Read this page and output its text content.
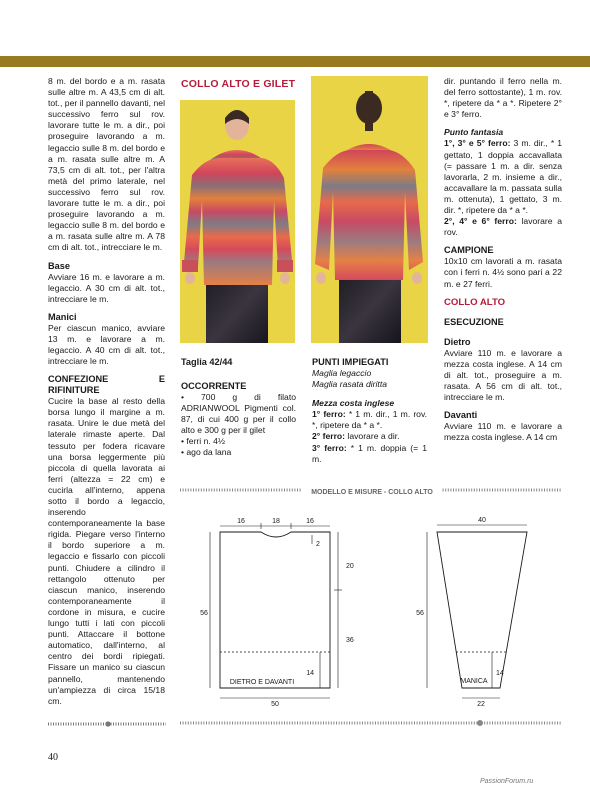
8 m. del bordo e a m. rasata sulle altre m. A 43,5 cm di alt. tot., per il pannello davanti, nel successivo ferro sul rov. lavorare tutte le m. a dir., poi proseguire lavorando a m. legaccio sulle 8 m. del bordo e a m. rasata sulle altre m. A 73,5 cm di alt. tot., per l'altra metà del primo laterale, nel successivo ferro sul rov. lavorare tutte le m. a dir., poi proseguire lavorando a m. legaccio sulle 8 m. del bordo e a m. rasata sulle altre m. A 78 cm di alt. tot., intrecciare le m.

Base

Avviare 16 m. e lavorare a m. legaccio. A 30 cm di alt. tot., intrecciare le m.

Manici

Per ciascun manico, avviare 13 m. e lavorare a m. legaccio. A 40 cm di alt. tot., intrecciare le m.

CONFEZIONE E RIFINITURE

Cucire la base al resto della borsa lungo il margine a m. rasata. Unire le due metà del laterale rimaste aperte. Dal tessuto per fodera ricavare una borsa leggermente più piccola di quella lavorata ai ferri (altezza = 22 cm) e cucirla all'interno, appena sotto il bordo a legaccio, inserendo contemporaneamente la base rigida. Piegare verso l'interno il bordo superiore a m. legaccio e fissarlo con piccoli punti. Chiudere a cilindro il rettangolo ottenuto per ciascun manico, inserendo contemporaneamente il cordone in misura, e cucire lungo tutti i lati con piccoli punti. Attaccare il bottone automatico, dall'interno, al centro dei bordi ripiegati. Fissare un manico su ciascun pannello, mantenendo un'ampiezza di circa 15/18 cm.

COLLO ALTO E GILET

Taglia 42/44
OCCORRENTE
• 700 g di filato ADRIANWOOL Pigmenti col. 87, di cui 400 g per il collo alto e 300 g per il gilet
• ferri n. 4½
• ago da lana
PUNTI IMPIEGATI
Maglia legaccio
Maglia rasata diritta
Mezza costa inglese
1° ferro: * 1 m. dir., 1 m. rov. *, ripetere da * a *.
2° ferro: lavorare a dir.
3° ferro: * 1 m. doppia (= 1 m.

dir. puntando il ferro nella m. del ferro sottostante), 1 m. rov. *, ripetere da * a *. Ripetere 2° e 3° ferro.

Punto fantasia
1°, 3° e 5° ferro: 3 m. dir., * 1 gettato, 1 doppia accavallata (= passare 1 m. a dir. senza lavorarla, 2 m. insieme a dir., accavallare la m. passata sulla m. ottenuta), 1 gettato, 3 m. dir. *, ripetere da * a *.

2°, 4° e 6° ferro: lavorare a rov.

CAMPIONE

10x10 cm lavorati a m. rasata con i ferri n. 4½ sono pari a 22 m. e 27 ferri.

COLLO ALTO
ESECUZIONE
Dietro

Avviare 110 m. e lavorare a mezza costa inglese. A 14 cm di alt. tot., proseguire a m. rasata. A 56 cm di alt. tot., intrecciare le m.

Davanti
Avviare 110 m. e lavorare a mezza costa inglese. A 14 cm
MODELLO E MISURE - COLLO ALTO
16	18	16
2
56
20
36
14
DIETRO E DAVANTI
50
40
56
14
MANICA
22
40
PassionForum.ru
